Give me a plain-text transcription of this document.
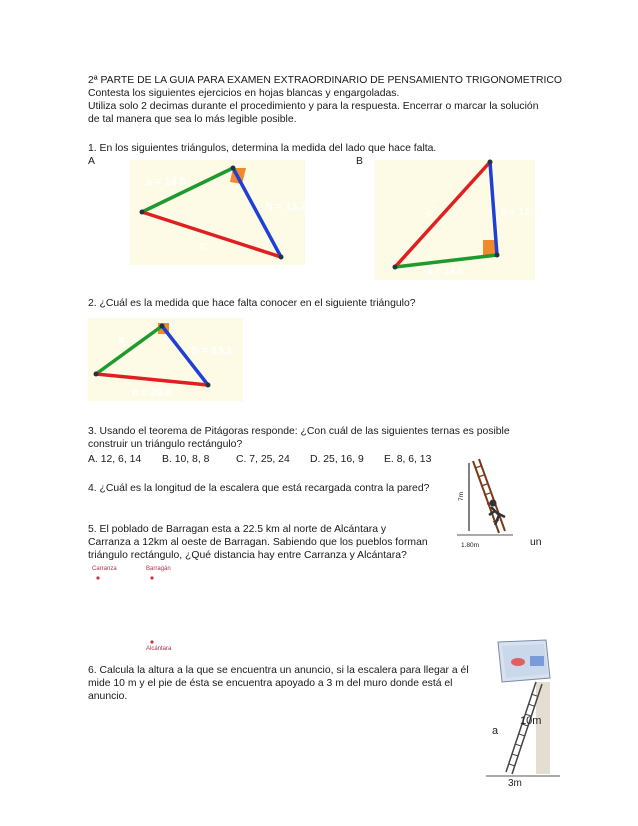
2ª PARTE DE LA GUIA PARA EXAMEN EXTRAORDINARIO DE PENSAMIENTO TRIGONOMETRICO
Contesta los siguientes ejercicios en hojas blancas y engargoladas.
Utiliza solo 2 decimas durante el procedimiento y para la respuesta. Encerrar o marcar la solución
de tal manera que sea lo más legible posible.
1. En los siguientes triángulos, determina la medida del lado que hace falta.
A	B
a = 14.5
b = 13.2
c
c	b = 12
a = 14.6
2. ¿Cuál es la medida que hace falta conocer en el siguiente triángulo?
a
b = 13.1
c = 20.6
3. Usando el teorema de Pitágoras responde: ¿Con cuál de las siguientes ternas es posible
construir un triángulo rectángulo?
A. 12, 6, 14 B. 10, 8, 8	C. 7, 25, 24 D. 25, 16, 9 E. 8, 6, 13
4. ¿Cuál es la longitud de la escalera que está recargada contra la pared?
7m
1.80m
5. El poblado de Barragan esta a 22.5 km al norte de Alcántara y
Carranza a 12km al oeste de Barragan. Sabiendo que los pueblos forman	un
triángulo rectángulo, ¿Qué distancia hay entre Carranza y Alcántara?
Carranza	Barragán
Alcántara
6. Calcula la altura a la que se encuentra un anuncio, si la escalera para llegar a él
mide 10 m y el pie de ésta se encuentra apoyado a 3 m del muro donde está el
anuncio.
a
10m
3m
